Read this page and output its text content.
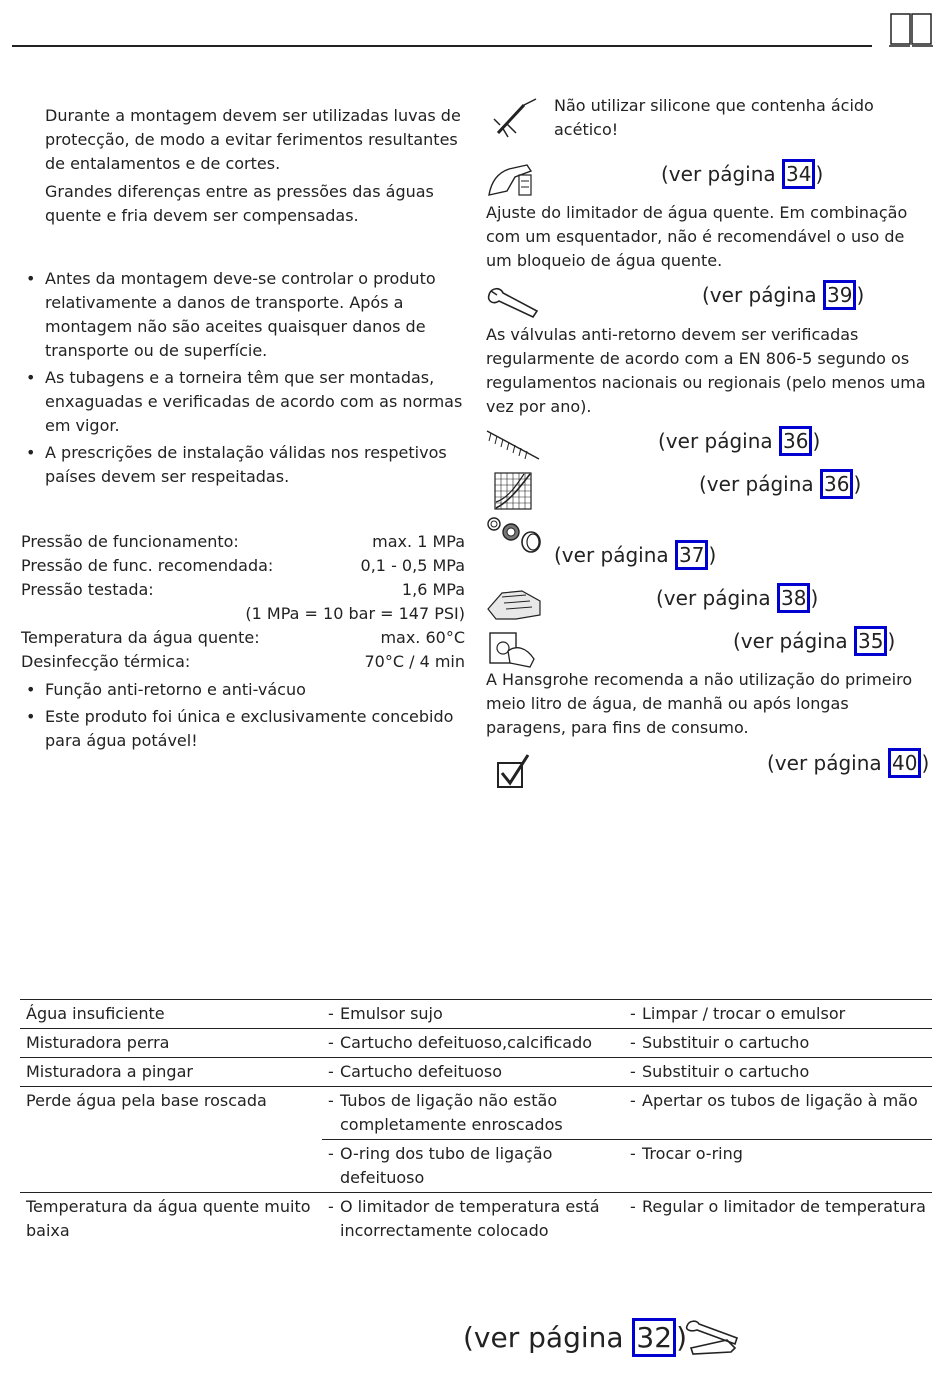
Durante a montagem devem ser utilizadas luvas de protecção, de modo a evitar ferimentos resultantes de entalamentos e de cortes.
Grandes diferenças entre as pressões das águas quente e fria devem ser compensadas.
• Antes da montagem deve-se controlar o produto relativamente a danos de transporte. Após a montagem não são aceites quaisquer danos de transporte ou de superfície.
• As tubagens e a torneira têm que ser montadas, enxaguadas e verificadas de acordo com as normas em vigor.
• A prescrições de instalação válidas nos respetivos países devem ser respeitadas.
Pressão de funcionamento:	max. 1 MPa
Pressão de func. recomendada:	0,1 - 0,5 MPa
Pressão testada:	1,6 MPa
(1 MPa = 10 bar = 147 PSI)
Temperatura da água quente:	max. 60°C
Desinfecção térmica:	70°C / 4 min
• Função anti-retorno e anti-vácuo
• Este produto foi única e exclusivamente concebido para água potável!
Não utilizar silicone que contenha ácido acético!
(ver página 34 )
Ajuste do limitador de água quente. Em combinação com um esquentador, não é recomendável o uso de um bloqueio de água quente.
(ver página 39 )
As válvulas anti-retorno devem ser verificadas regularmente de acordo com a EN 806-5 segundo os regulamentos nacionais ou regionais (pelo menos uma vez por ano).
(ver página 36 )
(ver página 36 )
(ver página 37 )
(ver página 38 )
(ver página 35 )
A Hansgrohe recomenda a não utilização do primeiro meio litro de água, de manhã ou após longas paragens, para fins de consumo.
(ver página 40 )
Água insuficiente	- Emulsor sujo	- Limpar / trocar o emulsor

Misturadora perra	- Cartucho defeituoso,calcificado	- Substituir o cartucho

Misturadora a pingar	- Cartucho defeituoso	- Substituir o cartucho

Perde água pela base roscada	- Tubos de ligação não estão completamente enroscados	- Apertar os tubos de ligação à mão

	- O-ring dos tubo de ligação defeituoso	- Trocar o-ring

Temperatura da água quente muito baixa	- O limitador de temperatura está incorrectamente colocado	- Regular o limitador de temperatura
(ver página 32 )
